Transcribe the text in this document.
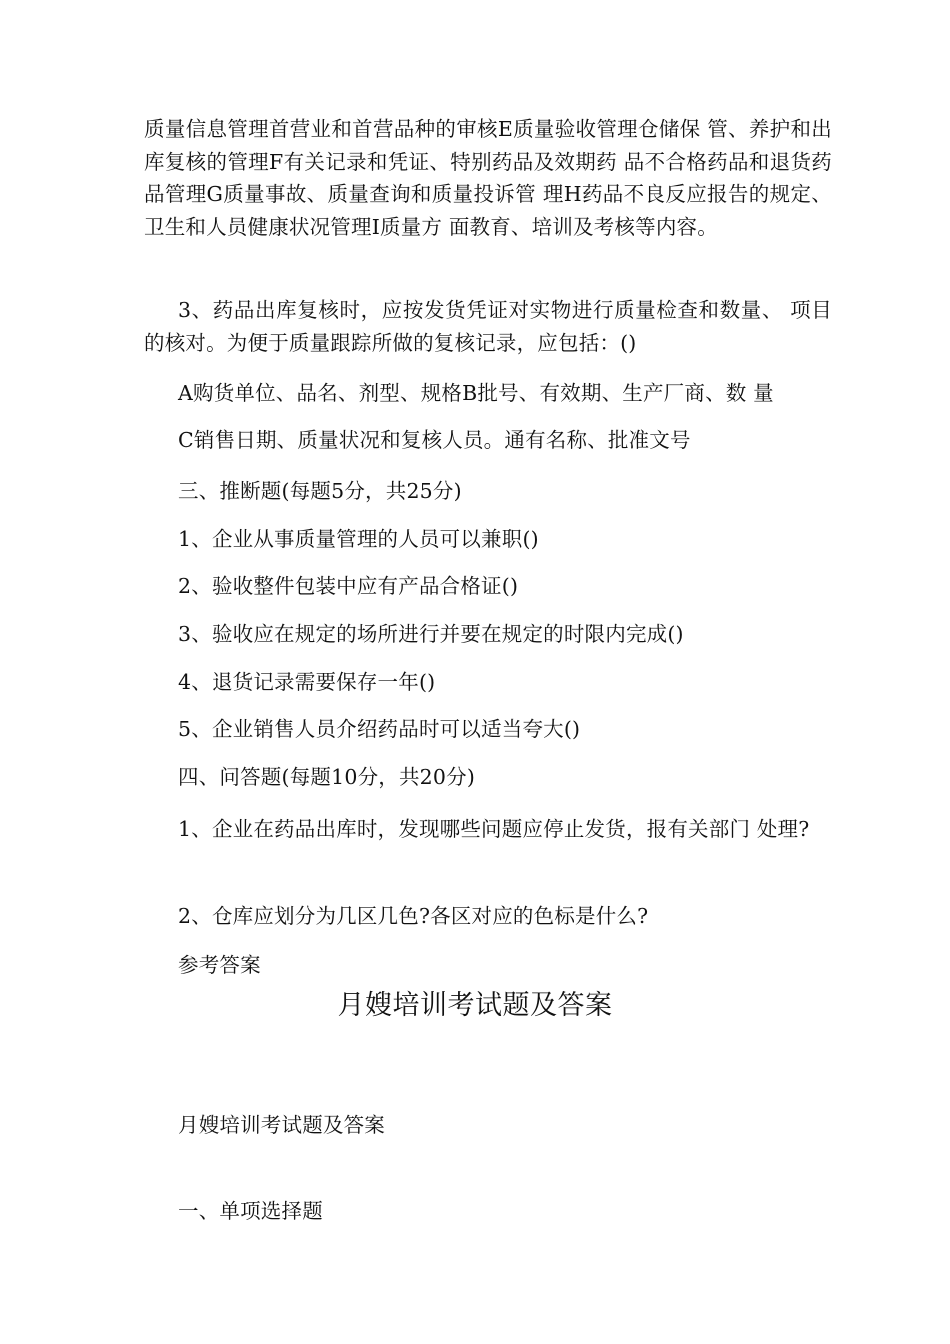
质量信息管理首营业和首营品种的审核E质量验收管理仓储保 管、养护和出库复核的管理F有关记录和凭证、特别药品及效期药 品不合格药品和退货药品管理G质量事故、质量查询和质量投诉管 理H药品不良反应报告的规定、卫生和人员健康状况管理I质量方 面教育、培训及考核等内容。

3、药品出库复核时，应按发货凭证对实物进行质量检查和数量、 项目的核对。为便于质量跟踪所做的复核记录，应包括：()

A购货单位、品名、剂型、规格B批号、有效期、生产厂商、数 量

C销售日期、质量状况和复核人员。通有名称、批准文号

三、推断题(每题5分，共25分)

1、企业从事质量管理的人员可以兼职()

2、验收整件包装中应有产品合格证()

3、验收应在规定的场所进行并要在规定的时限内完成()

4、退货记录需要保存一年()

5、企业销售人员介绍药品时可以适当夸大()

四、问答题(每题10分，共20分)

1、企业在药品出库时，发现哪些问题应停止发货，报有关部门 处理?

2、仓库应划分为几区几色?各区对应的色标是什么?

参考答案

月嫂培训考试题及答案

月嫂培训考试题及答案

一、单项选择题
